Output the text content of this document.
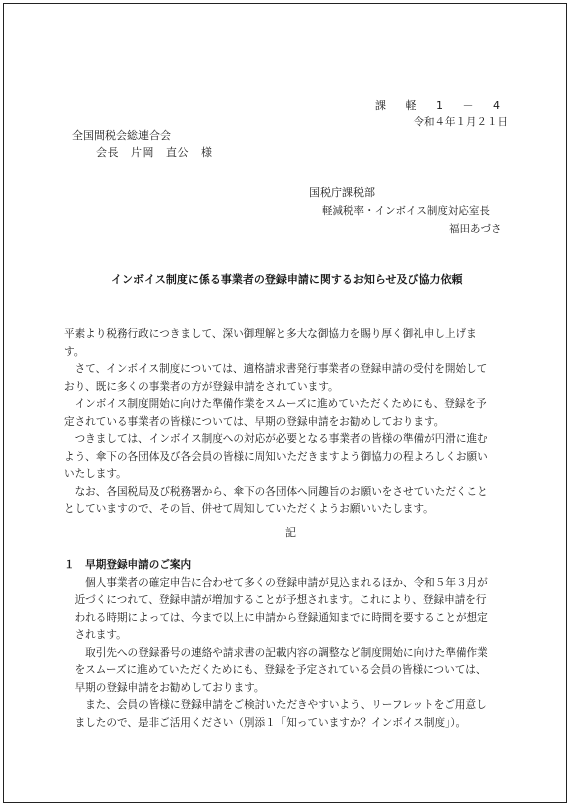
課 軽 1 － 4
令和４年１月２１日
全国間税会総連合会
会長 片岡 直公 様
国税庁課税部
軽減税率・インボイス制度対応室長
福田あづさ
インボイス制度に係る事業者の登録申請に関するお知らせ及び協力依頼

平素より税務行政につきまして、深い御理解と多大な御協力を賜り厚く御礼申し上げま

す。

　さて、インボイス制度については、適格請求書発行事業者の登録申請の受付を開始して

おり、既に多くの事業者の方が登録申請をされています。

　インボイス制度開始に向けた準備作業をスムーズに進めていただくためにも、登録を予

定されている事業者の皆様については、早期の登録申請をお勧めしております。

　つきましては、インボイス制度への対応が必要となる事業者の皆様の準備が円滑に進む

よう、傘下の各団体及び各会員の皆様に周知いただきますよう御協力の程よろしくお願い

いたします。

　なお、各国税局及び税務署から、傘下の各団体へ同趣旨のお願いをさせていただくこと

としていますので、その旨、併せて周知していただくようお願いいたします。

記

１　早期登録申請のご案内

　　個人事業者の確定申告に合わせて多くの登録申請が見込まれるほか、令和５年３月が

　近づくにつれて、登録申請が増加することが予想されます。これにより、登録申請を行

　われる時期によっては、今まで以上に申請から登録通知までに時間を要することが想定

　されます。

　　取引先への登録番号の連絡や請求書の記載内容の調整など制度開始に向けた準備作業

　をスムーズに進めていただくためにも、登録を予定されている会員の皆様については、

　早期の登録申請をお勧めしております。

　　また、会員の皆様に登録申請をご検討いただきやすいよう、リーフレットをご用意し

　ましたので、是非ご活用ください（別添１「知っていますか？インボイス制度」）。
